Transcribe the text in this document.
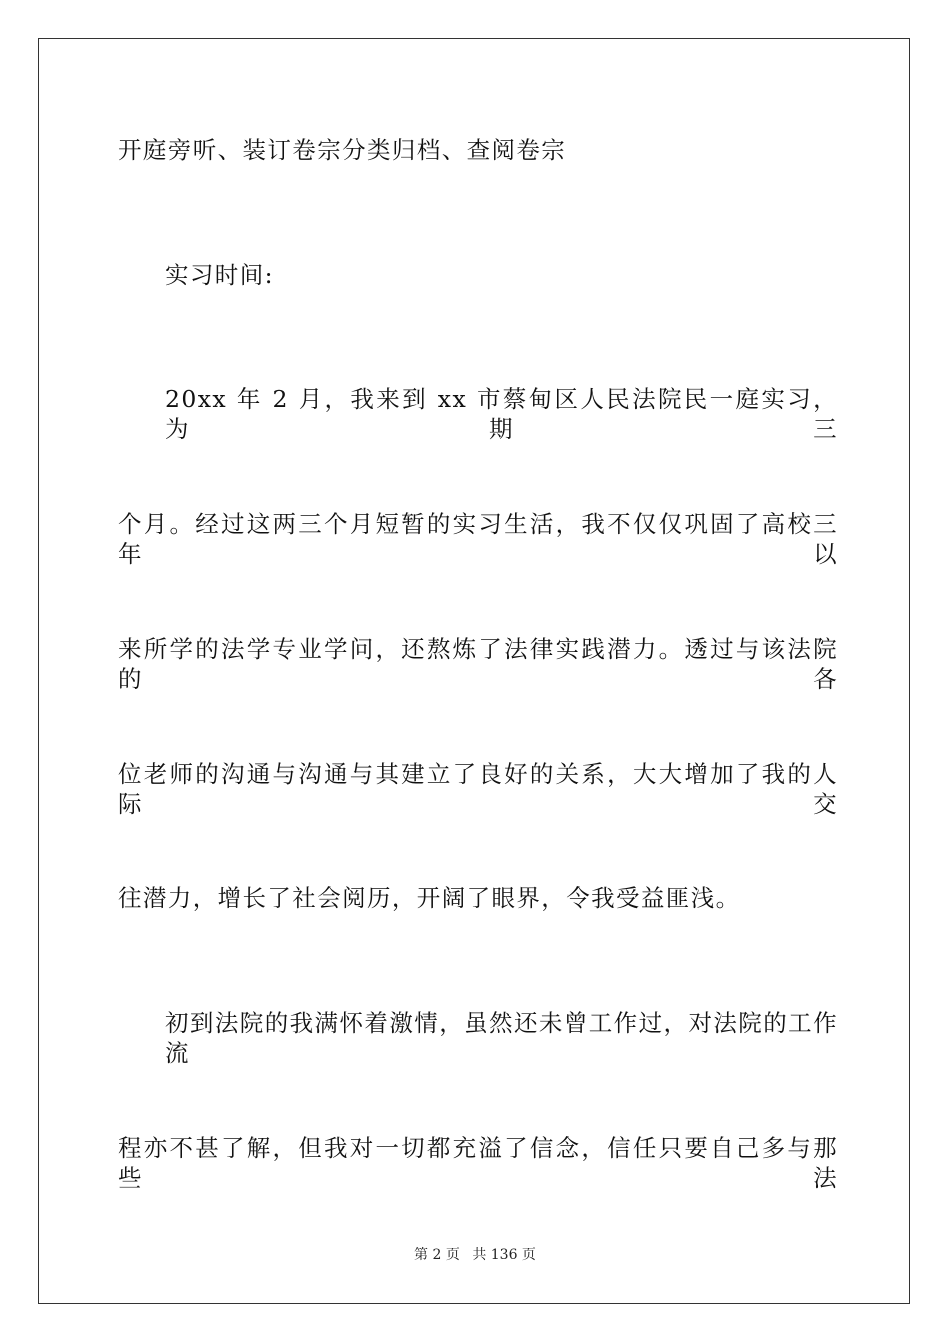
开庭旁听、装订卷宗分类归档、查阅卷宗
实习时间:
20xx 年 2 月，我来到 xx 市蔡甸区人民法院民一庭实习，为期三
个月。经过这两三个月短暂的实习生活，我不仅仅巩固了高校三年以
来所学的法学专业学问，还熬炼了法律实践潜力。透过与该法院的各
位老师的沟通与沟通与其建立了良好的关系，大大增加了我的人际交
往潜力，增长了社会阅历，开阔了眼界，令我受益匪浅。
初到法院的我满怀着激情，虽然还未曾工作过，对法院的工作流
程亦不甚了解，但我对一切都充溢了信念，信任只要自己多与那些法
第 2 页 共 136 页
